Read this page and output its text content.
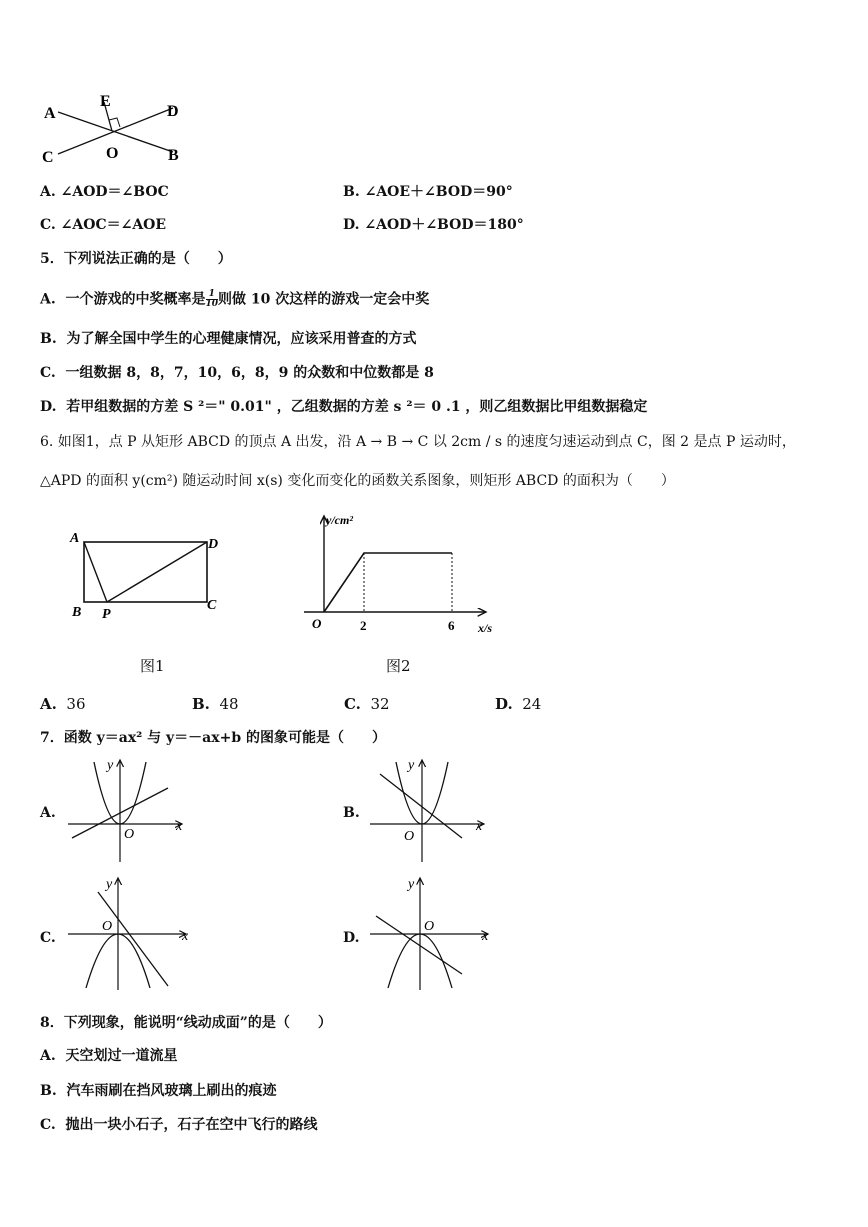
A
E
D
C	O	B
A. ∠AOD＝∠BOC	B. ∠AOE＋∠BOD＝90°
C. ∠AOC＝∠AOE	D. ∠AOD＋∠BOD＝180°
5．下列说法正确的是（　　）
A. 一个游戏的中奖概率是 $\frac{1}{10}$ 则做 10 次这样的游戏一定会中奖
B. 为了解全国中学生的心理健康情况，应该采用普查的方式
C. 一组数据 8，8，7，10，6，8，9 的众数和中位数都是 8
D. 若甲组数据的方差 S ²＝" 0.01" ，乙组数据的方差 s ²＝ 0 .1 ，则乙组数据比甲组数据稳定
6. 如图1，点 P 从矩形 ABCD 的顶点 A 出发，沿 A → B → C 以 2cm / s 的速度匀速运动到点 C，图 2 是点 P 运动时，
△APD 的面积 y(cm²) 随运动时间 x(s) 变化而变化的函数关系图象，则矩形 ABCD 的面积为（　　）
A	D
B P
C
图1
y/cm²
x/s
O	2	6
图2
A. 36	B. 48	C. 32	D. 24
7．函数 y＝ax² 与 y＝－ax+b 的图象可能是（　　）
A.
x
y
O
B.
x
y
O
C.	x
y
O
D.	x
y
O
8．下列现象，能说明“线动成面”的是（　　）
A. 天空划过一道流星
B. 汽车雨刷在挡风玻璃上刷出的痕迹
C. 抛出一块小石子，石子在空中飞行的路线
